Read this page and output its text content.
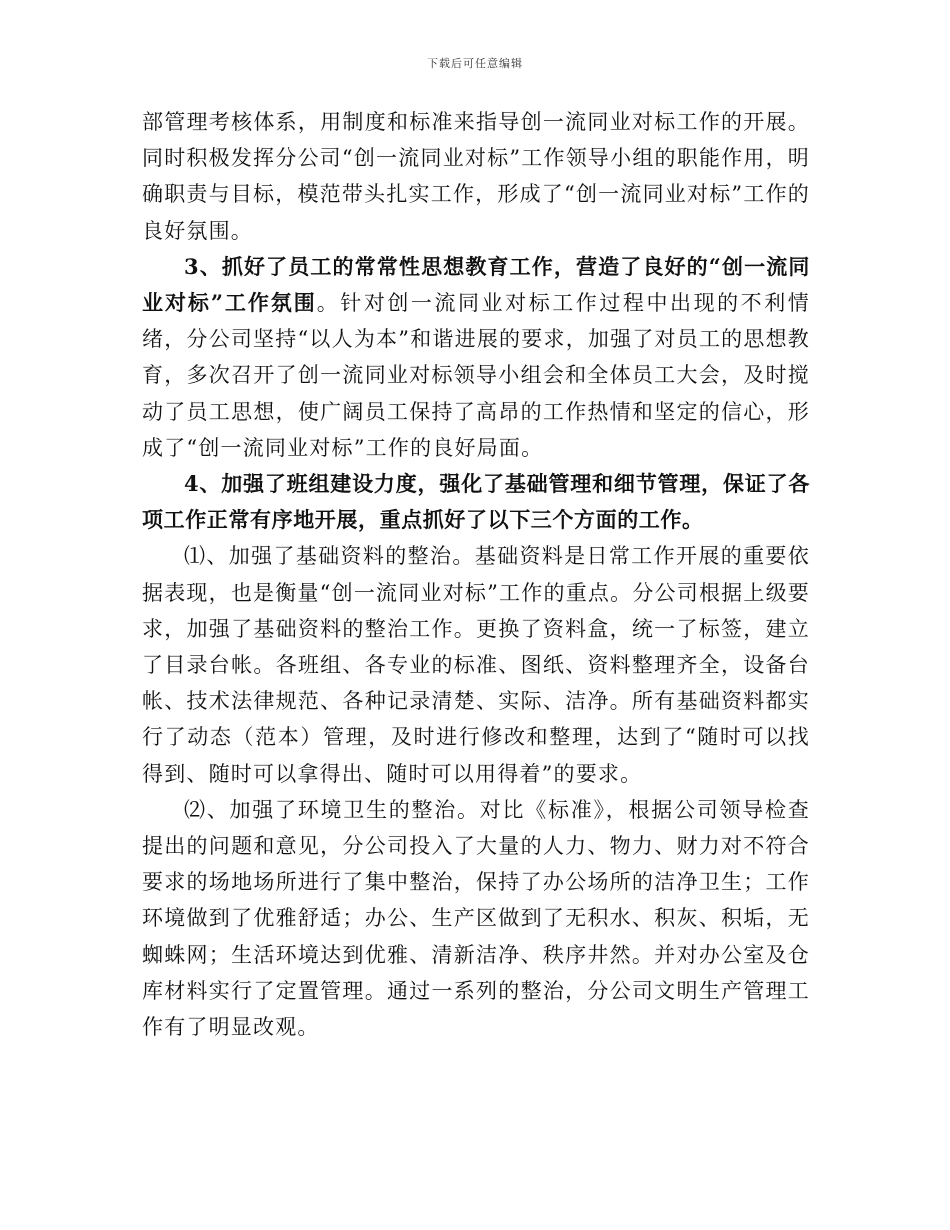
下载后可任意编辑

部管理考核体系，用制度和标准来指导创一流同业对标工作的开展。同时积极发挥分公司“创一流同业对标”工作领导小组的职能作用，明确职责与目标，模范带头扎实工作，形成了“创一流同业对标”工作的良好氛围。

3、抓好了员工的常常性思想教育工作，营造了良好的“创一流同业对标”工作氛围。针对创一流同业对标工作过程中出现的不利情绪，分公司坚持“以人为本”和谐进展的要求，加强了对员工的思想教育，多次召开了创一流同业对标领导小组会和全体员工大会，及时搅动了员工思想，使广阔员工保持了高昂的工作热情和坚定的信心，形成了“创一流同业对标”工作的良好局面。

4、加强了班组建设力度，强化了基础管理和细节管理，保证了各项工作正常有序地开展，重点抓好了以下三个方面的工作。

⑴、加强了基础资料的整治。基础资料是日常工作开展的重要依据表现，也是衡量“创一流同业对标”工作的重点。分公司根据上级要求，加强了基础资料的整治工作。更换了资料盒，统一了标签，建立了目录台帐。各班组、各专业的标准、图纸、资料整理齐全，设备台帐、技术法律规范、各种记录清楚、实际、洁净。所有基础资料都实行了动态（范本）管理，及时进行修改和整理，达到了“随时可以找得到、随时可以拿得出、随时可以用得着”的要求。

⑵、加强了环境卫生的整治。对比《标准》，根据公司领导检查提出的问题和意见，分公司投入了大量的人力、物力、财力对不符合要求的场地场所进行了集中整治，保持了办公场所的洁净卫生；工作环境做到了优雅舒适；办公、生产区做到了无积水、积灰、积垢，无蜘蛛网；生活环境达到优雅、清新洁净、秩序井然。并对办公室及仓库材料实行了定置管理。通过一系列的整治，分公司文明生产管理工作有了明显改观。
